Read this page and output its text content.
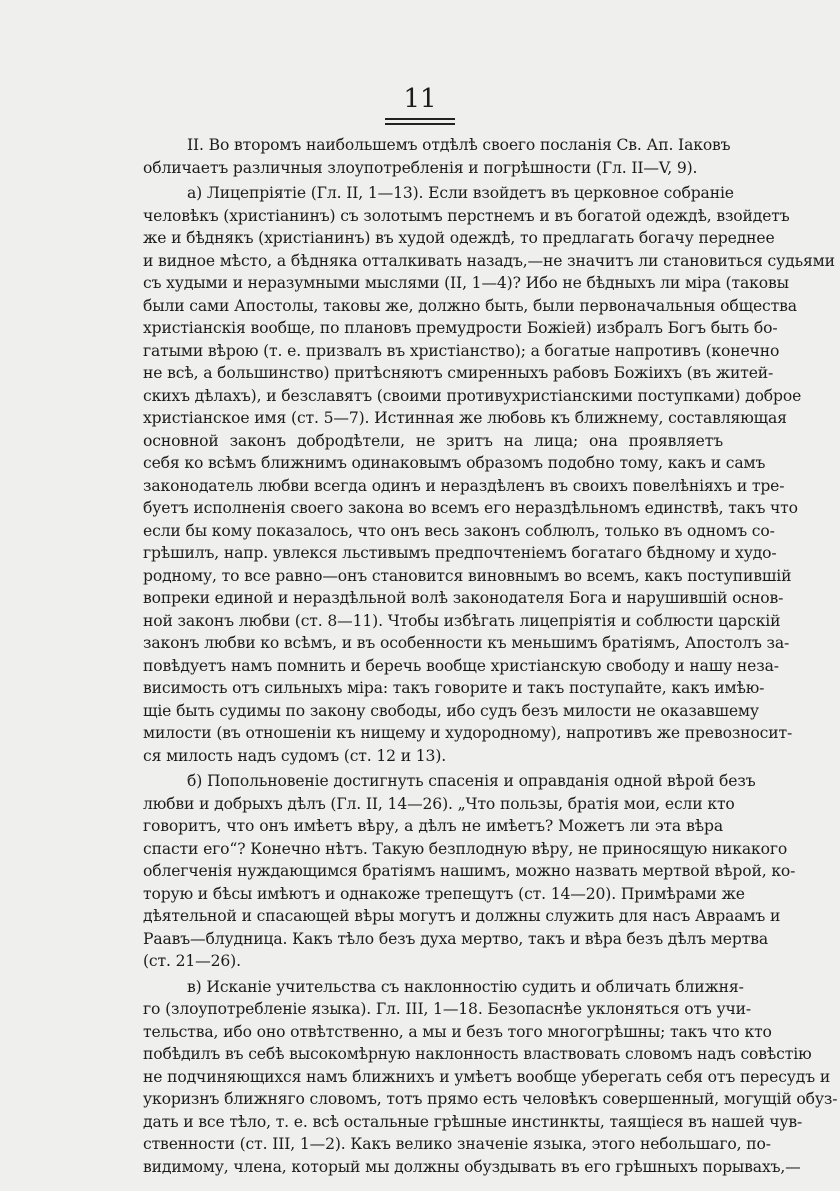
11
II. Во второмъ наибольшемъ отдѣлѣ своего посланія Св. Ап. Іаковъ
обличаетъ различныя злоупотребленія и погрѣшности (Гл. II—V, 9).
а) Лицепріятіе (Гл. II, 1—13). Если взойдетъ въ церковное собраніе
человѣкъ (христіанинъ) съ золотымъ перстнемъ и въ богатой одеждѣ, взойдетъ
же и бѣднякъ (христіанинъ) въ худой одеждѣ, то предлагать богачу переднее
и видное мѣсто, а бѣдняка отталкивать назадъ,—не значитъ ли становиться судьями
съ худыми и неразумными мыслями (II, 1—4)? Ибо не бѣдныхъ ли міра (таковы
были сами Апостолы, таковы же, должно быть, были первоначальныя общества
христіанскія вообще, по плановъ премудрости Божіей) избралъ Богъ быть бо-
гатыми вѣрою (т. е. призвалъ въ христіанство); а богатые напротивъ (конечно
не всѣ, а большинство) притѣсняютъ смиренныхъ рабовъ Божіихъ (въ житей-
скихъ дѣлахъ), и безславятъ (своими противухристіанскими поступками) доброе
христіанское имя (ст. 5—7). Истинная же любовь къ ближнему, составляющая
основной законъ добродѣтели, не зритъ на лица; она проявляетъ
себя ко всѣмъ ближнимъ одинаковымъ образомъ подобно тому, какъ и самъ
законодатель любви всегда одинъ и нераздѣленъ въ своихъ повелѣніяхъ и тре-
буетъ исполненія своего закона во всемъ его нераздѣльномъ единствѣ, такъ что
если бы кому показалось, что онъ весь законъ соблюлъ, только въ одномъ со-
грѣшилъ, напр. увлекся льстивымъ предпочтеніемъ богатаго бѣдному и худо-
родному, то все равно—онъ становится виновнымъ во всемъ, какъ поступившій
вопреки единой и нераздѣльной волѣ законодателя Бога и нарушившій основ-
ной законъ любви (ст. 8—11). Чтобы избѣгать лицепріятія и соблюсти царскій
законъ любви ко всѣмъ, и въ особенности къ меньшимъ братіямъ, Апостолъ за-
повѣдуетъ намъ помнить и беречь вообще христіанскую свободу и нашу неза-
висимость отъ сильныхъ міра: такъ говорите и такъ поступайте, какъ имѣю-
щіе быть судимы по закону свободы, ибо судъ безъ милости не оказавшему
милости (въ отношеніи къ нищему и худородному), напротивъ же превозносит-
ся милость надъ судомъ (ст. 12 и 13).
б) Попольновеніе достигнуть спасенія и оправданія одной вѣрой безъ
любви и добрыхъ дѣлъ (Гл. II, 14—26). „Что пользы, братія мои, если кто
говоритъ, что онъ имѣетъ вѣру, а дѣлъ не имѣетъ? Можетъ ли эта вѣра
спасти его“? Конечно нѣтъ. Такую безплодную вѣру, не приносящую никакого
облегченія нуждающимся братіямъ нашимъ, можно назвать мертвой вѣрой, ко-
торую и бѣсы имѣютъ и однакоже трепещутъ (ст. 14—20). Примѣрами же
дѣятельной и спасающей вѣры могутъ и должны служить для насъ Авраамъ и
Раавъ—блудница. Какъ тѣло безъ духа мертво, такъ и вѣра безъ дѣлъ мертва
(ст. 21—26).
в) Исканіе учительства съ наклонностію судить и обличать ближня-
го (злоупотребленіе языка). Гл. III, 1—18. Безопаснѣе уклоняться отъ учи-
тельства, ибо оно отвѣтственно, а мы и безъ того многогрѣшны; такъ что кто
побѣдилъ въ себѣ высокомѣрную наклонность властвовать словомъ надъ совѣстію
не подчиняющихся намъ ближнихъ и умѣетъ вообще уберегать себя отъ пересудъ и
укоризнъ ближняго словомъ, тотъ прямо есть человѣкъ совершенный, могущій обуз-
дать и все тѣло, т. е. всѣ остальные грѣшные инстинкты, таящіеся въ нашей чув-
ственности (ст. III, 1—2). Какъ велико значеніе языка, этого небольшаго, по-
видимому, члена, который мы должны обуздывать въ его грѣшныхъ порывахъ,—
